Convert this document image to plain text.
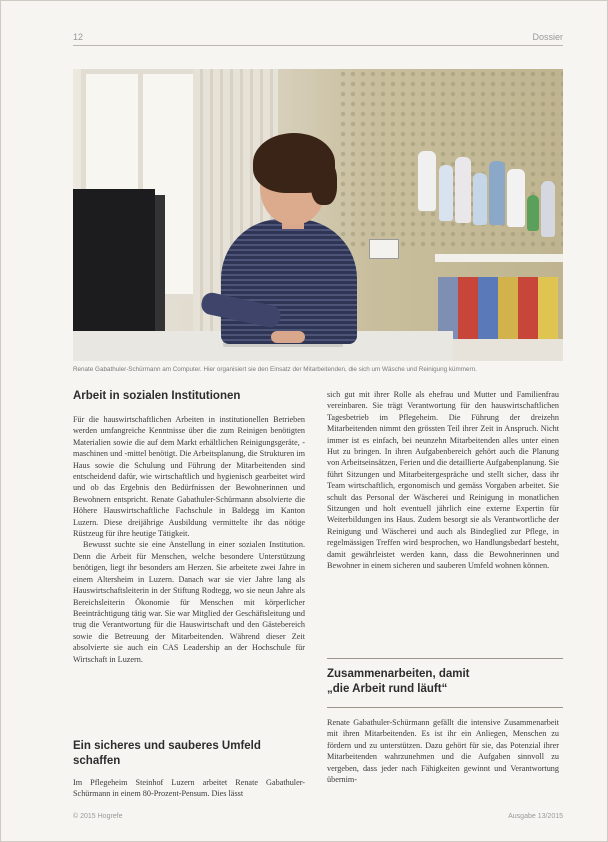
12	Dossier
Renate Gabathuler-Schürmann am Computer. Hier organisiert sie den Einsatz der Mitarbeitenden, die sich um Wäsche und Reinigung kümmern.
Arbeit in sozialen Institutionen

Für die hauswirtschaftlichen Arbeiten in institutionellen Betrieben werden umfangreiche Kenntnisse über die zum Reinigen benötigten Materialien sowie die auf dem Markt erhältlichen Reinigungsgeräte, -maschinen und -mittel benötigt. Die Arbeitsplanung, die Strukturen im Haus sowie die Schulung und Führung der Mitarbeitenden sind entscheidend dafür, wie wirtschaftlich und hygienisch gearbeitet wird und ob das Ergebnis den Bedürfnissen der Bewohnerinnen und Bewohnern entspricht. Renate Gabathuler-Schürmann absolvierte die Höhere Hauswirtschaftliche Fachschule in Baldegg im Kanton Luzern. Diese dreijährige Ausbildung vermittelte ihr das nötige Rüstzeug für ihre heutige Tätigkeit.

Bewusst suchte sie eine Anstellung in einer sozialen Institution. Denn die Arbeit für Menschen, welche besondere Unterstützung benötigen, liegt ihr besonders am Herzen. Sie arbeitete zwei Jahre in einem Altersheim in Luzern. Danach war sie vier Jahre lang als Hauswirtschaftsleiterin in der Stiftung Rodtegg, wo sie neun Jahre als Bereichsleiterin Ökonomie für Menschen mit körperlicher Beeinträchtigung tätig war. Sie war Mitglied der Geschäftsleitung und trug die Verantwortung für die Hauswirtschaft und den Gästebereich sowie die Betreuung der Mitarbeitenden. Während dieser Zeit absolvierte sie auch ein CAS Leadership an der Hochschule für Wirtschaft in Luzern.

Ein sicheres und sauberes Umfeld schaffen

Im Pflegeheim Steinhof Luzern arbeitet Renate Gabathuler-Schürmann in einem 80-Prozent-Pensum. Dies lässt

sich gut mit ihrer Rolle als ehefrau und Mutter und Familienfrau vereinbaren. Sie trägt Verantwortung für den hauswirtschaftlichen Tagesbetrieb im Pflegeheim. Die Führung der dreizehn Mitarbeitenden nimmt den grössten Teil ihrer Zeit in Anspruch. Nicht immer ist es einfach, bei neunzehn Mitarbeitenden alles unter einen Hut zu bringen. In ihren Aufgabenbereich gehört auch die Planung von Arbeitseinsätzen, Ferien und die detaillierte Aufgabenplanung. Sie führt Sitzungen und Mitarbeitergespräche und stellt sicher, dass ihr Team wirtschaftlich, ergonomisch und gemäss Vorgaben arbeitet. Sie schult das Personal der Wäscherei und Reinigung in monatlichen Sitzungen und holt eventuell jährlich eine externe Expertin für Weiterbildungen ins Haus. Zudem besorgt sie als Verantwortliche der Reinigung und Wäscherei und auch als Bindeglied zur Pflege, in regelmässigen Treffen wird besprochen, wo Handlungsbedarf besteht, damit gewährleistet werden kann, dass die Bewohnerinnen und Bewohner in einem sicheren und sauberen Umfeld wohnen können.

Zusammenarbeiten, damit
„die Arbeit rund läuft“

Renate Gabathuler-Schürmann gefällt die intensive Zusammenarbeit mit ihren Mitarbeitenden. Es ist ihr ein Anliegen, Menschen zu fördern und zu unterstützen. Dazu gehört für sie, das Potenzial ihrer Mitarbeitenden wahrzunehmen und die Aufgaben sinnvoll zu vergeben, dass jeder nach Fähigkeiten gewinnt und Verantwortung übernim-

© 2015 Hogrefe	Ausgabe 13/2015
